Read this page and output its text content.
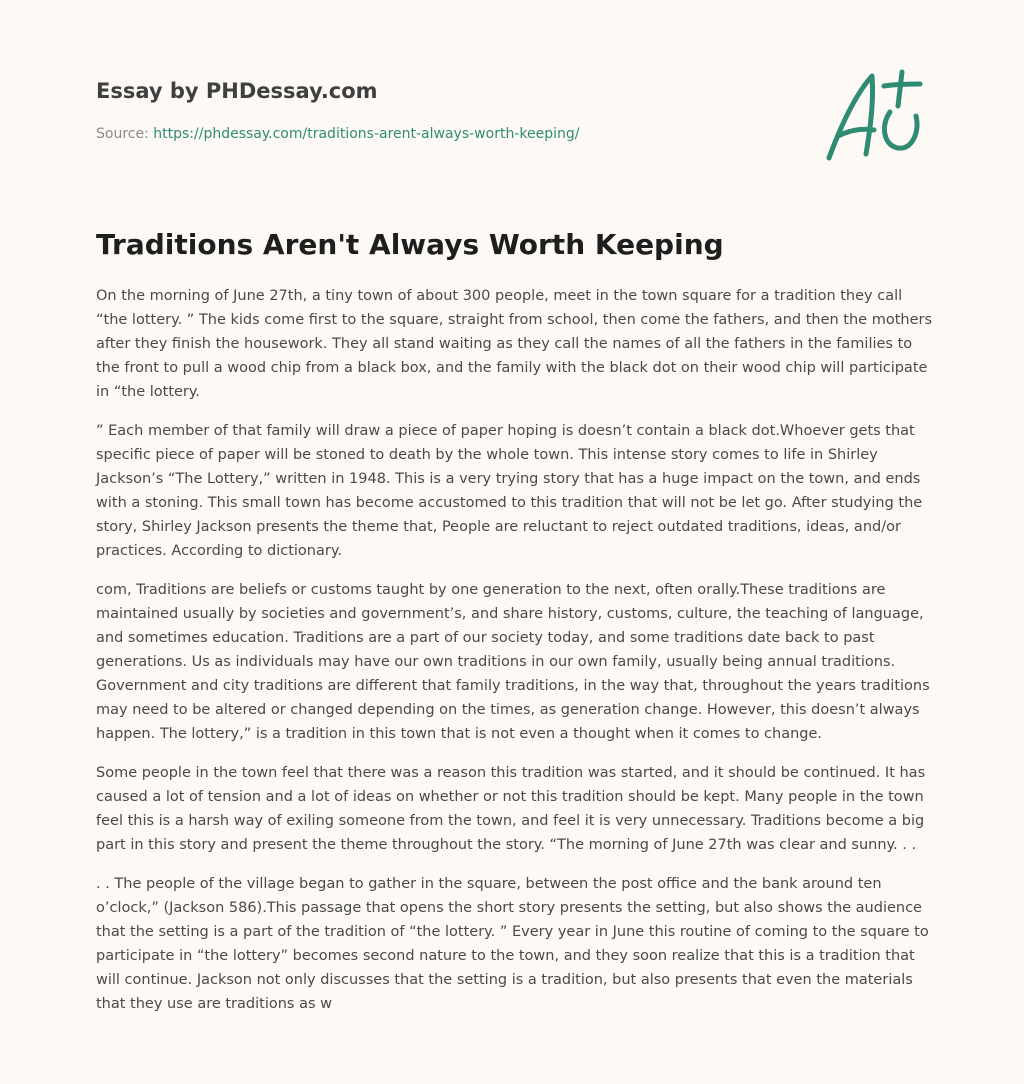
Essay by PHDessay.com
Source: https://phdessay.com/traditions-arent-always-worth-keeping/
Traditions Aren't Always Worth Keeping

On the morning of June 27th, a tiny town of about 300 people, meet in the town square for a tradition they call “the lottery. ” The kids come first to the square, straight from school, then come the fathers, and then the mothers after they finish the housework. They all stand waiting as they call the names of all the fathers in the families to the front to pull a wood chip from a black box, and the family with the black dot on their wood chip will participate in “the lottery.

” Each member of that family will draw a piece of paper hoping is doesn’t contain a black dot.Whoever gets that specific piece of paper will be stoned to death by the whole town. This intense story comes to life in Shirley Jackson’s “The Lottery,” written in 1948. This is a very trying story that has a huge impact on the town, and ends with a stoning. This small town has become accustomed to this tradition that will not be let go. After studying the story, Shirley Jackson presents the theme that, People are reluctant to reject outdated traditions, ideas, and/or practices. According to dictionary.

com, Traditions are beliefs or customs taught by one generation to the next, often orally.These traditions are maintained usually by societies and government’s, and share history, customs, culture, the teaching of language, and sometimes education. Traditions are a part of our society today, and some traditions date back to past generations. Us as individuals may have our own traditions in our own family, usually being annual traditions. Government and city traditions are different that family traditions, in the way that, throughout the years traditions may need to be altered or changed depending on the times, as generation change. However, this doesn’t always happen. The lottery,” is a tradition in this town that is not even a thought when it comes to change.

Some people in the town feel that there was a reason this tradition was started, and it should be continued. It has caused a lot of tension and a lot of ideas on whether or not this tradition should be kept. Many people in the town feel this is a harsh way of exiling someone from the town, and feel it is very unnecessary. Traditions become a big part in this story and present the theme throughout the story. “The morning of June 27th was clear and sunny. . .

. . The people of the village began to gather in the square, between the post office and the bank around ten o’clock,” (Jackson 586).This passage that opens the short story presents the setting, but also shows the audience that the setting is a part of the tradition of “the lottery. ” Every year in June this routine of coming to the square to participate in “the lottery” becomes second nature to the town, and they soon realize that this is a tradition that will continue. Jackson not only discusses that the setting is a tradition, but also presents that even the materials that they use are traditions as w
